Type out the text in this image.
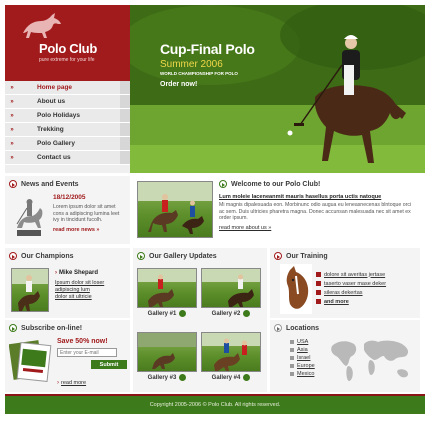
Polo Club
pure extreme for your life
»	Home page
»	About us
»	Polo Holidays
»	Trekking
»	Polo Gallery
»	Contact us
Cup-Final Polo
Summer 2006
WORLD CHAMPIONSHIP FOR POLO
Order now!
News and Events
18/12/2005
Lorem ipsum dolor sit amet cons a adipiscing lumina leet ivy in tincidunt fucolh.
read more news »
Welcome to our Polo Club!
Lum moleie laceneanmit mauris hasellus porta uctis natoque
Mi magnis dipalesuada eon. Morbinunc odio augua eu leneasnecenas blntoque orci ac sem. Duis ultricies pharetra magna. Donec accunsan malesuada nec sit amet ex order ipsum.
read more about us »
Our Champions
› Mike Shepard
Ipsum dolor sit loser
adipiscing lum
dolor sit ultricie
Our Gallery Updates
Gallery #1	Gallery #2
Gallery #3	Gallery #4
Our Training
dolore sit averitas jertase
taserto vaser mase deker
sileras dekertas
and more
Subscribe on-line!
Save 50% now!
Enter your E-mail
Submit
› read more
Locations
USA
Asia
Israel
Europe
Mexico
Copyright 2005-2006 © Polo Club. All rights reserved.
